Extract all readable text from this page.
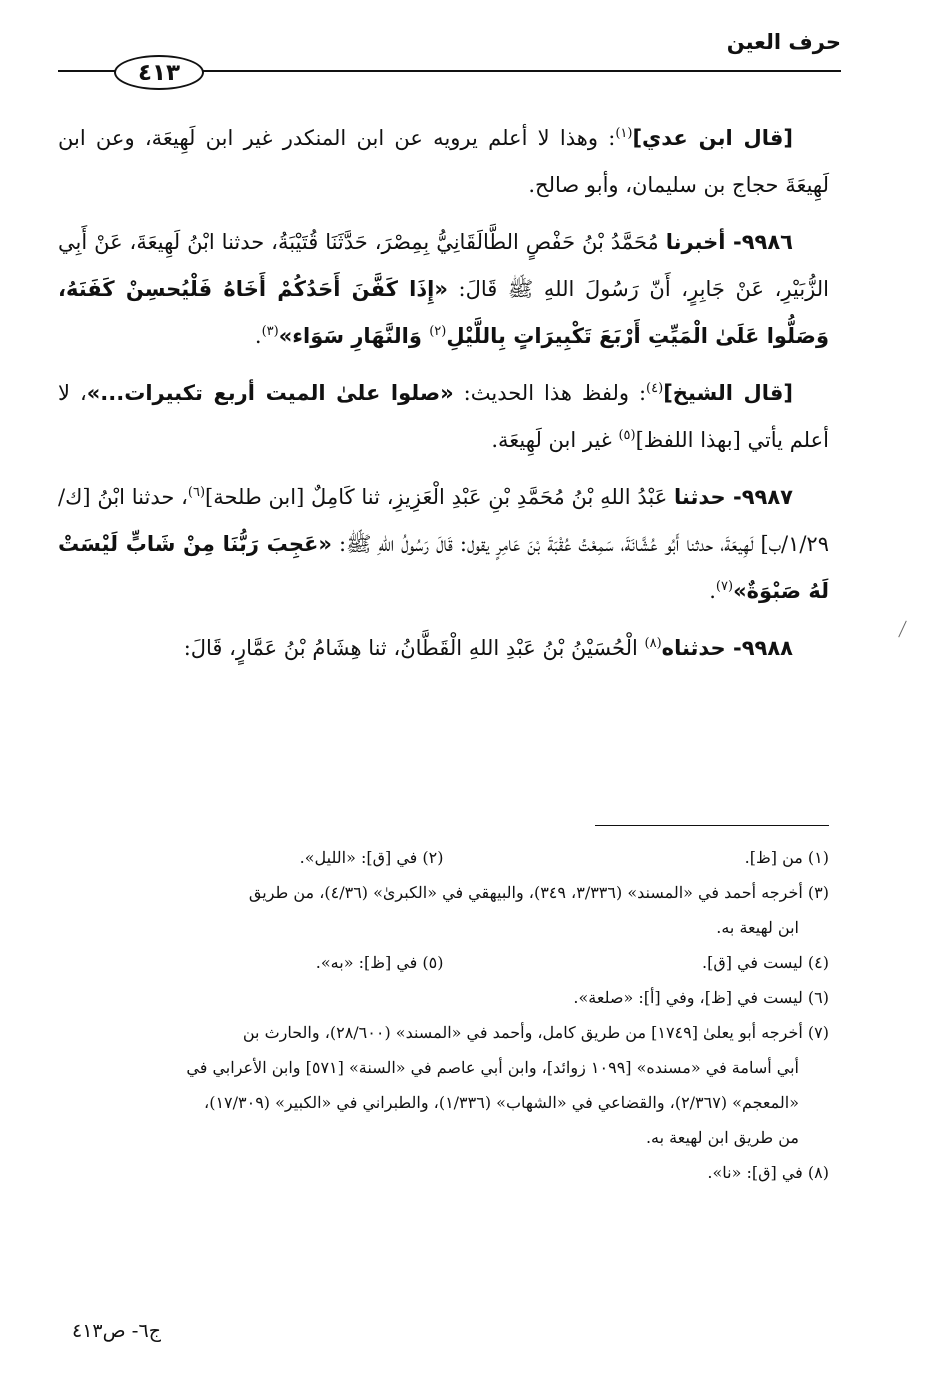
حرف العين
٤١٣

[قال ابن عدي]$^{(١)}$: وهذا لا أعلم يرويه عن ابن المنكدر غير ابن لَهِيعَة، وعن ابن لَهِيعَةَ حجاج بن سليمان، وأبو صالح.

٩٩٨٦- أخبرنا مُحَمَّدُ بْنُ حَفْصٍ الطَّالَقَانِيُّ بِمِصْرَ، حَدَّثَنَا قُتَيْبَةُ، حدثنا ابْنُ لَهِيعَةَ، عَنْ أَبِي الزُّبَيْرِ، عَنْ جَابِرٍ، أَنّ رَسُولَ اللهِ ﷺ قَالَ: «إِذَا كَفَّنَ أَحَدُكُمْ أَخَاهُ فَلْيُحسِنْ كَفَنَهُ، وَصَلُّوا عَلَىٰ الْمَيِّتِ أَرْبَعَ تَكْبِيرَاتٍ بِاللَّيْلِ$^{(٢)}$ وَالنَّهَارِ سَوَاء»$^{(٣)}$.

[قال الشيخ]$^{(٤)}$: ولفظ هذا الحديث: «صلوا علىٰ الميت أربع تكبيرات...»، لا أعلم يأتي [بهذا اللفظ]$^{(٥)}$ غير ابن لَهِيعَة.

٩٩٨٧- حدثنا عَبْدُ اللهِ بْنُ مُحَمَّدِ بْنِ عَبْدِ الْعَزِيزِ، ثنا كَامِلٌ [ابن طلحة]$^{(٦)}$، حدثنا ابْنُ [ك/١/٢٩/ب] لَهِيعَةَ، حدثنا أَبُو عُشَّانَةَ، سَمِعْتُ عُقْبَةَ بْنَ عَامِرٍ يقول: قَالَ رَسُولُ اللهِ ﷺ: «عَجِبَ رَبُّنَا مِنْ شَابٍّ لَيْسَتْ لَهُ صَبْوَةٌ»$^{(٧)}$.

٩٩٨٨- حدثناه$^{(٨)}$ الْحُسَيْنُ بْنُ عَبْدِ اللهِ الْقَطَّانُ، ثنا هِشَامُ بْنُ عَمَّارٍ، قَالَ:

(١) من [ظ].
(٢) في [ق]: «الليل».
(٣) أخرجه أحمد في «المسند» (٣/٣٣٦، ٣٤٩)، والبيهقي في «الكبرىٰ» (٤/٣٦)، من طريق
ابن لهيعة به.
(٤) ليست في [ق].
(٥) في [ظ]: «به».
(٦) ليست في [ظ]، وفي [أ]: «صلعة».
(٧) أخرجه أبو يعلىٰ [١٧٤٩] من طريق كامل، وأحمد في «المسند» (٢٨/٦٠٠)، والحارث بن
أبي أسامة في «مسنده» [١٠٩٩ زوائد]، وابن أبي عاصم في «السنة» [٥٧١] وابن الأعرابي في
«المعجم» (٢/٣٦٧)، والقضاعي في «الشهاب» (١/٣٣٦)، والطبراني في «الكبير» (١٧/٣٠٩)،
من طريق ابن لهيعة به.
(٨) في [ق]: «نا».
ج٦- ص٤١٣
